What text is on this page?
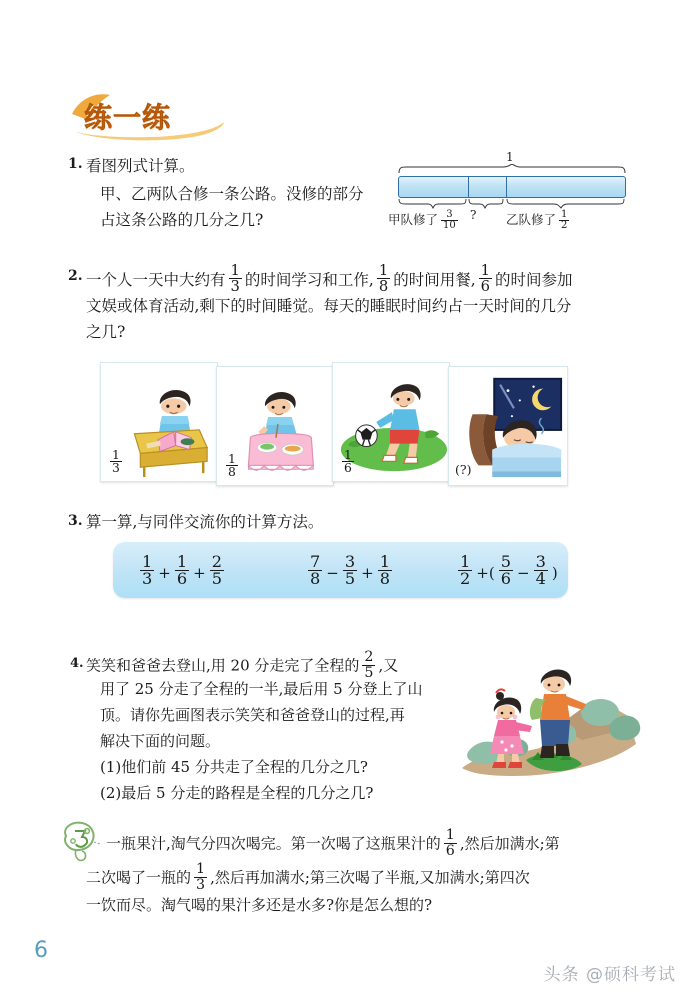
练一练
1. 看图列式计算。
甲、乙两队合修一条公路。没修的部分
占这条公路的几分之几?
1
甲队修了 $\frac{3}{10}$ ? 乙队修了 $\frac{1}{2}$
2. 一个人一天中大约有 $\frac{1}{3}$ 的时间学习和工作, $\frac{1}{8}$ 的时间用餐, $\frac{1}{6}$ 的时间参加
文娱或体育活动,剩下的时间睡觉。每天的睡眠时间约占一天时间的几分
之几?
$\frac{1}{3}$	$\frac{1}{8}$	$\frac{1}{6}$	(?)
3. 算一算,与同伴交流你的计算方法。
$\frac{1}{3} + \frac{1}{6} + \frac{2}{5}$	$\frac{7}{8} - \frac{3}{5} + \frac{1}{8}$	$\frac{1}{2}$ +( $\frac{5}{6} - \frac{3}{4}$ )
4. 笑笑和爸爸去登山,用 20 分走完了全程的 $\frac{2}{5}$ ,又
用了 25 分走了全程的一半,最后用 5 分登上了山
顶。请你先画图表示笑笑和爸爸登山的过程,再
解决下面的问题。
(1)他们前 45 分共走了全程的几分之几?
(2)最后 5 分走的路程是全程的几分之几?
一瓶果汁,淘气分四次喝完。第一次喝了这瓶果汁的 $\frac{1}{6}$ ,然后加满水;第
二次喝了一瓶的 $\frac{1}{3}$ ,然后再加满水;第三次喝了半瓶,又加满水;第四次
一饮而尽。淘气喝的果汁多还是水多?你是怎么想的?
6
头条 @硕科考试
